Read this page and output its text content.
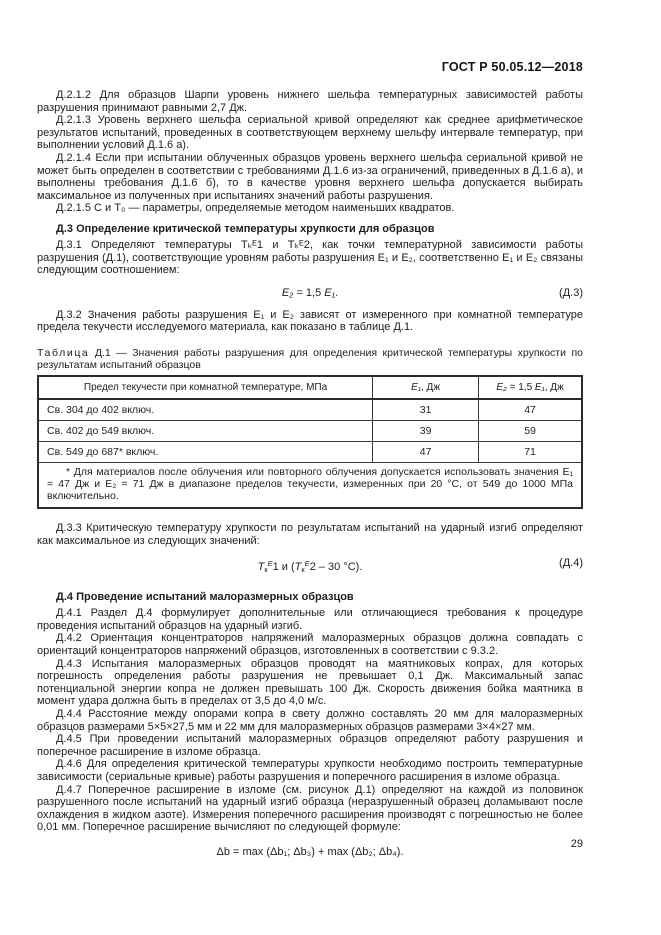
ГОСТ Р 50.05.12—2018

Д.2.1.2 Для образцов Шарпи уровень нижнего шельфа температурных зависимостей работы разрушения принимают равными 2,7 Дж.

Д.2.1.3 Уровень верхнего шельфа сериальной кривой определяют как среднее арифметическое результатов испытаний, проведенных в соответствующем верхнему шельфу интервале температур, при выполнении условий Д.1.6 а).

Д.2.1.4 Если при испытании облученных образцов уровень верхнего шельфа сериальной кривой не может быть определен в соответствии с требованиями Д.1.6 из-за ограничений, приведенных в Д.1.6 а), и выполнены требования Д.1.6 б), то в качестве уровня верхнего шельфа допускается выбирать максимальное из полученных при испытаниях значений работы разрушения.

Д.2.1.5 С и Т₀ — параметры, определяемые методом наименьших квадратов.

Д.3 Определение критической температуры хрупкости для образцов

Д.3.1 Определяют температуры Tₖᴱ1 и Tₖᴱ2, как точки температурной зависимости работы разрушения (Д.1), соответствующие уровням работы разрушения E₁ и E₂, соответственно E₁ и E₂ связаны следующим соотношением:

E₂ = 1,5 E₁.	(Д.3)

Д.3.2 Значения работы разрушения E₁ и E₂ зависят от измеренного при комнатной температуре предела текучести исследуемого материала, как показано в таблице Д.1.

Таблица Д.1 — Значения работы разрушения для определения критической температуры хрупкости по результатам испытаний образцов
Предел текучести при комнатной температуре, МПа	E₁, Дж	E₂ = 1,5 E₁, Дж
Св. 304 до 402 включ.	31	47
Св. 402 до 549 включ.	39	59
Св. 549 до 687* включ.	47	71

* Для материалов после облучения или повторного облучения допускается использовать значения E₁ = 47 Дж и E₂ = 71 Дж в диапазоне пределов текучести, измеренных при 20 °C, от 549 до 1000 МПа включительно.		

Д.3.3 Критическую температуру хрупкости по результатам испытаний на ударный изгиб определяют как максимальное из следующих значений:

$T_к^E1$ и ($T_к^E2 - 30$ °C).	(Д.4)

Д.4 Проведение испытаний малоразмерных образцов

Д.4.1 Раздел Д.4 формулирует дополнительные или отличающиеся требования к процедуре проведения испытаний образцов на ударный изгиб.

Д.4.2 Ориентация концентраторов напряжений малоразмерных образцов должна совпадать с ориентаций концентраторов напряжений образцов, изготовленных в соответствии с 9.3.2.

Д.4.3 Испытания малоразмерных образцов проводят на маятниковых копрах, для которых погрешность определения работы разрушения не превышает 0,1 Дж. Максимальный запас потенциальной энергии копра не должен превышать 100 Дж. Скорость движения бойка маятника в момент удара должна быть в пределах от 3,5 до 4,0 м/с.

Д.4.4 Расстояние между опорами копра в свету должно составлять 20 мм для малоразмерных образцов размерами 5×5×27,5 мм и 22 мм для малоразмерных образцов размерами 3×4×27 мм.

Д.4.5 При проведении испытаний малоразмерных образцов определяют работу разрушения и поперечное расширение в изломе образца.

Д.4.6 Для определения критической температуры хрупкости необходимо построить температурные зависимости (сериальные кривые) работы разрушения и поперечного расширения в изломе образца.

Д.4.7 Поперечное расширение в изломе (см. рисунок Д.1) определяют на каждой из половинок разрушенного после испытаний на ударный изгиб образца (неразрушенный образец доламывают после охлаждения в жидком азоте). Измерения поперечного расширения производят с погрешностью не более 0,01 мм. Поперечное расширение вычисляют по следующей формуле:

Δb = max (Δb₁; Δb₃) + max (Δb₂; Δb₄).
29
